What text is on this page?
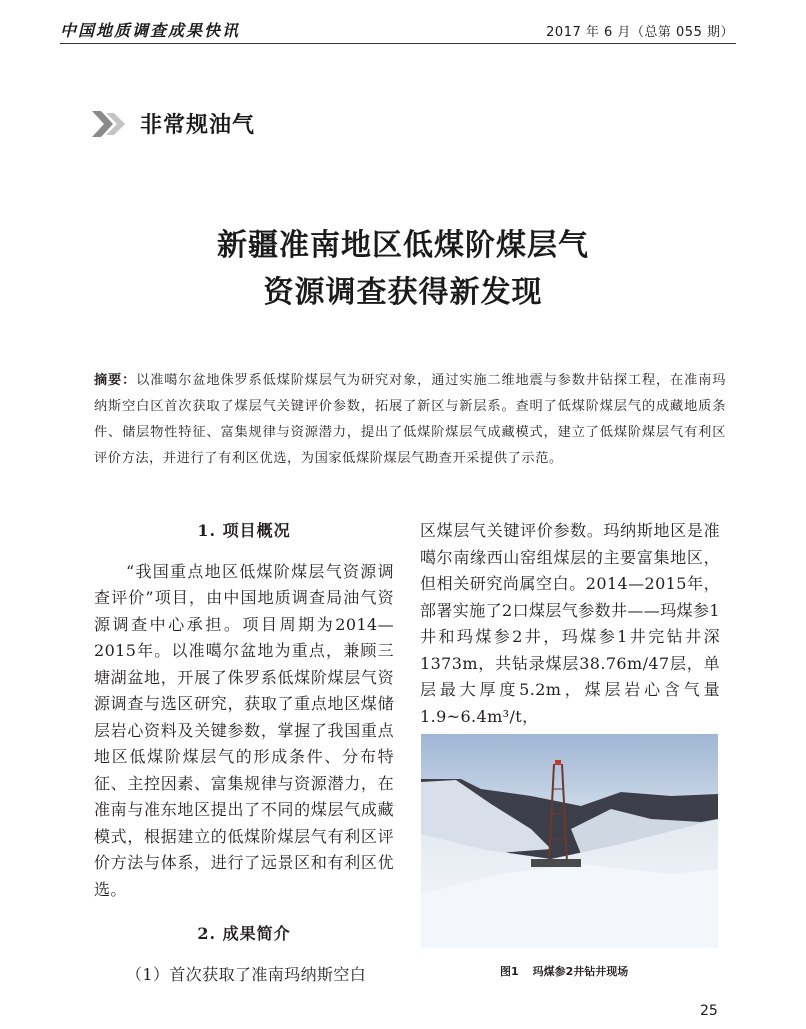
中国地质调查成果快讯	2017 年 6 月（总第 055 期）
非常规油气
新疆准南地区低煤阶煤层气
资源调查获得新发现
摘要：以准噶尔盆地侏罗系低煤阶煤层气为研究对象，通过实施二维地震与参数井钻探工程，在准南玛纳斯空白区首次获取了煤层气关键评价参数，拓展了新区与新层系。查明了低煤阶煤层气的成藏地质条件、储层物性特征、富集规律与资源潜力，提出了低煤阶煤层气成藏模式，建立了低煤阶煤层气有利区评价方法，并进行了有利区优选，为国家低煤阶煤层气勘查开采提供了示范。
1. 项目概况
“我国重点地区低煤阶煤层气资源调查评价”项目，由中国地质调查局油气资源调查中心承担。项目周期为2014—2015年。以准噶尔盆地为重点，兼顾三塘湖盆地，开展了侏罗系低煤阶煤层气资源调查与选区研究，获取了重点地区煤储层岩心资料及关键参数，掌握了我国重点地区低煤阶煤层气的形成条件、分布特征、主控因素、富集规律与资源潜力，在准南与准东地区提出了不同的煤层气成藏模式，根据建立的低煤阶煤层气有利区评价方法与体系，进行了远景区和有利区优选。
2. 成果简介
（1）首次获取了准南玛纳斯空白
区煤层气关键评价参数。玛纳斯地区是准噶尔南缘西山窑组煤层的主要富集地区，但相关研究尚属空白。2014—2015年，部署实施了2口煤层气参数井——玛煤参1井和玛煤参2井，玛煤参1井完钻井深1373m，共钻录煤层38.76m/47层，单层最大厚度5.2m，煤层岩心含气量1.9~6.4m³/t，
图1 玛煤参2井钻井现场
25
